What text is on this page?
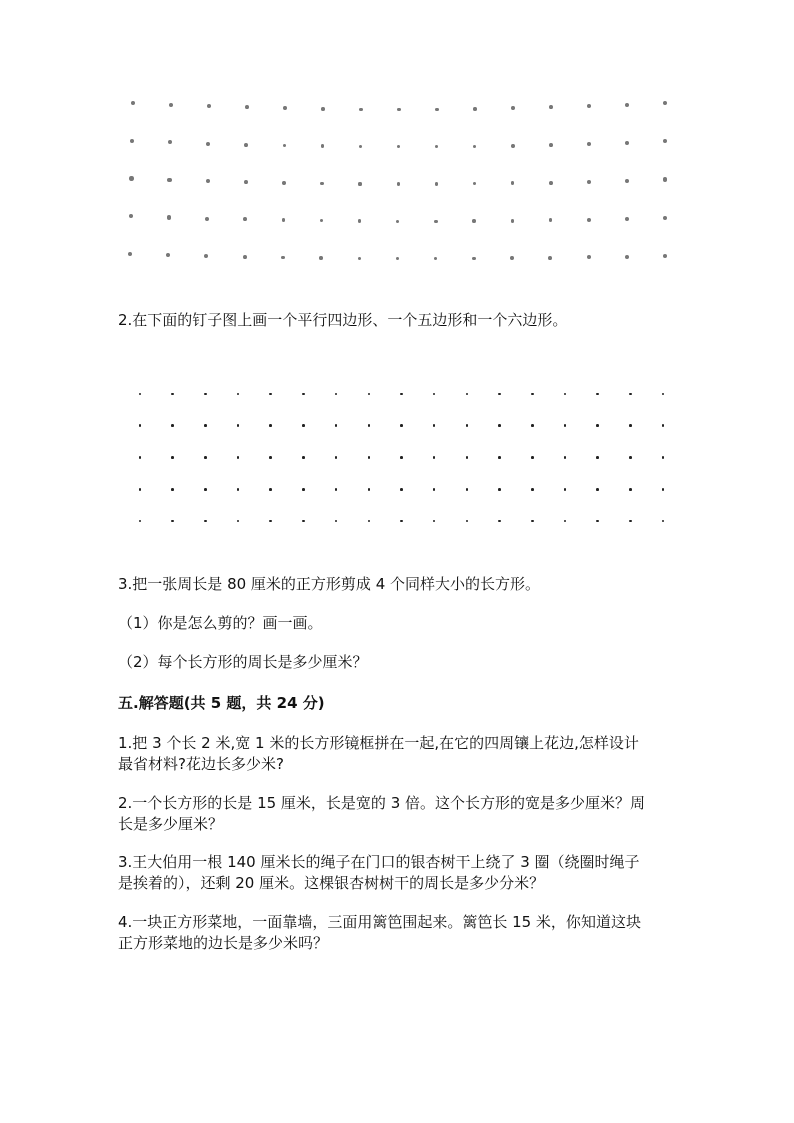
2.在下面的钉子图上画一个平行四边形、一个五边形和一个六边形。
3.把一张周长是 80 厘米的正方形剪成 4 个同样大小的长方形。
（1）你是怎么剪的？画一画。
（2）每个长方形的周长是多少厘米？
五.解答题(共 5 题，共 24 分)
1.把 3 个长 2 米,宽 1 米的长方形镜框拼在一起,在它的四周镶上花边,怎样设计
最省材料?花边长多少米?
2.一个长方形的长是 15 厘米，长是宽的 3 倍。这个长方形的宽是多少厘米？周
长是多少厘米？
3.王大伯用一根 140 厘米长的绳子在门口的银杏树干上绕了 3 圈（绕圈时绳子
是挨着的），还剩 20 厘米。这棵银杏树树干的周长是多少分米？
4.一块正方形菜地，一面靠墙，三面用篱笆围起来。篱笆长 15 米，你知道这块
正方形菜地的边长是多少米吗？
